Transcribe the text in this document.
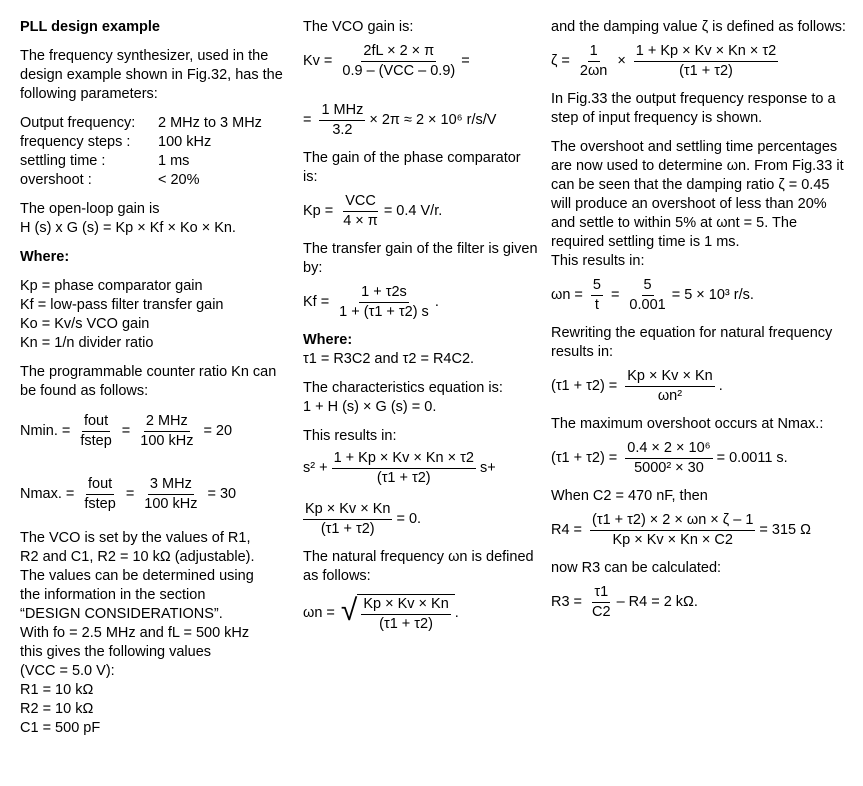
PLL design example

The frequency synthesizer, used in the design example shown in Fig.32, has the following parameters:

Output frequency:	2 MHz to 3 MHz
frequency steps :	100 kHz
settling time :	1 ms
overshoot :	< 20%

The open-loop gain is

H (s) x G (s) = Kp × Kf × Ko × Kn.

Where:

Kp = phase comparator gain

Kf = low-pass filter transfer gain

Ko = Kv/s VCO gain

Kn = 1/n divider ratio

The programmable counter ratio Kn can be found as follows:

Nmin. = $\frac{\text{fout}}{\text{fstep}} = \frac{\text{2 MHz}}{\text{100 kHz}} = 20$
Nmax. = $\frac{\text{fout}}{\text{fstep}} = \frac{\text{3 MHz}}{\text{100 kHz}} = 30$

The VCO is set by the values of R1,

R2 and C1, R2 = 10 kΩ (adjustable).

The values can be determined using

the information in the section

“DESIGN CONSIDERATIONS”.

With fo = 2.5 MHz and fL = 500 kHz

this gives the following values

(VCC = 5.0 V):

R1 = 10 kΩ

R2 = 10 kΩ

C1 = 500 pF

The VCO gain is:

$Kv = \frac{2fL \times 2 \times \pi}{\text{0.9 – (VCC – 0.9)}}$ =
= $\frac{\text{1 MHz}}{3.2} \times 2\pi \approx 2 \times 10^6$ r/s/V

The gain of the phase comparator is:

$Kp = \frac{\text{VCC}}{4 \times \pi} = 0.4$ V/r.

The transfer gain of the filter is given by:

$Kf = \frac{1 + \tau 2s}{1 + (\tau 1 + \tau 2) s}$ .

Where:

τ1 = R3C2 and τ2 = R4C2.

The characteristics equation is:

1 + H (s) × G (s) = 0.

This results in:

$s^2 + \frac{1 + Kp \times Kv \times Kn \times \tau 2}{(\tau 1 + \tau 2)} s+$
$\frac{Kp \times Kv \times Kn}{(\tau 1 + \tau 2)} = 0$.

The natural frequency ωn is defined as follows:

ωn = √ $\frac{Kp \times Kv \times Kn}{(\tau 1 + \tau 2)}$ .

and the damping value ζ is defined as follows:

$\zeta = \frac{1}{2\omega n} \times \frac{1 + Kp \times Kv \times Kn \times \tau 2}{(\tau 1 + \tau 2)}$

In Fig.33 the output frequency response to a step of input frequency is shown.

The overshoot and settling time percentages are now used to determine ωn. From Fig.33 it can be seen that the damping ratio ζ = 0.45 will produce an overshoot of less than 20% and settle to within 5% at ωnt = 5. The required settling time is 1 ms.

This results in:

$\omega n = \frac{5}{t} = \frac{5}{0.001} = 5 \times 10^3$ r/s.

Rewriting the equation for natural frequency results in:

$(\tau 1 + \tau 2) = \frac{Kp \times Kv \times Kn}{\text{ωn²}}$ .

The maximum overshoot occurs at Nmax.:

$(\tau 1 + \tau 2) = \frac{\text{0.4 × 2 × 10⁶}}{\text{5000² × 30}} = 0.0011$ s.

When C2 = 470 nF, then

$R4 = \frac{(\tau 1 + \tau 2) \times 2 \times \omega n \times \zeta - 1}{Kp \times Kv \times Kn \times C2} = 315$ Ω

now R3 can be calculated:

$R3 = \frac{\tau 1}{C2} - R4 = 2$ kΩ.
